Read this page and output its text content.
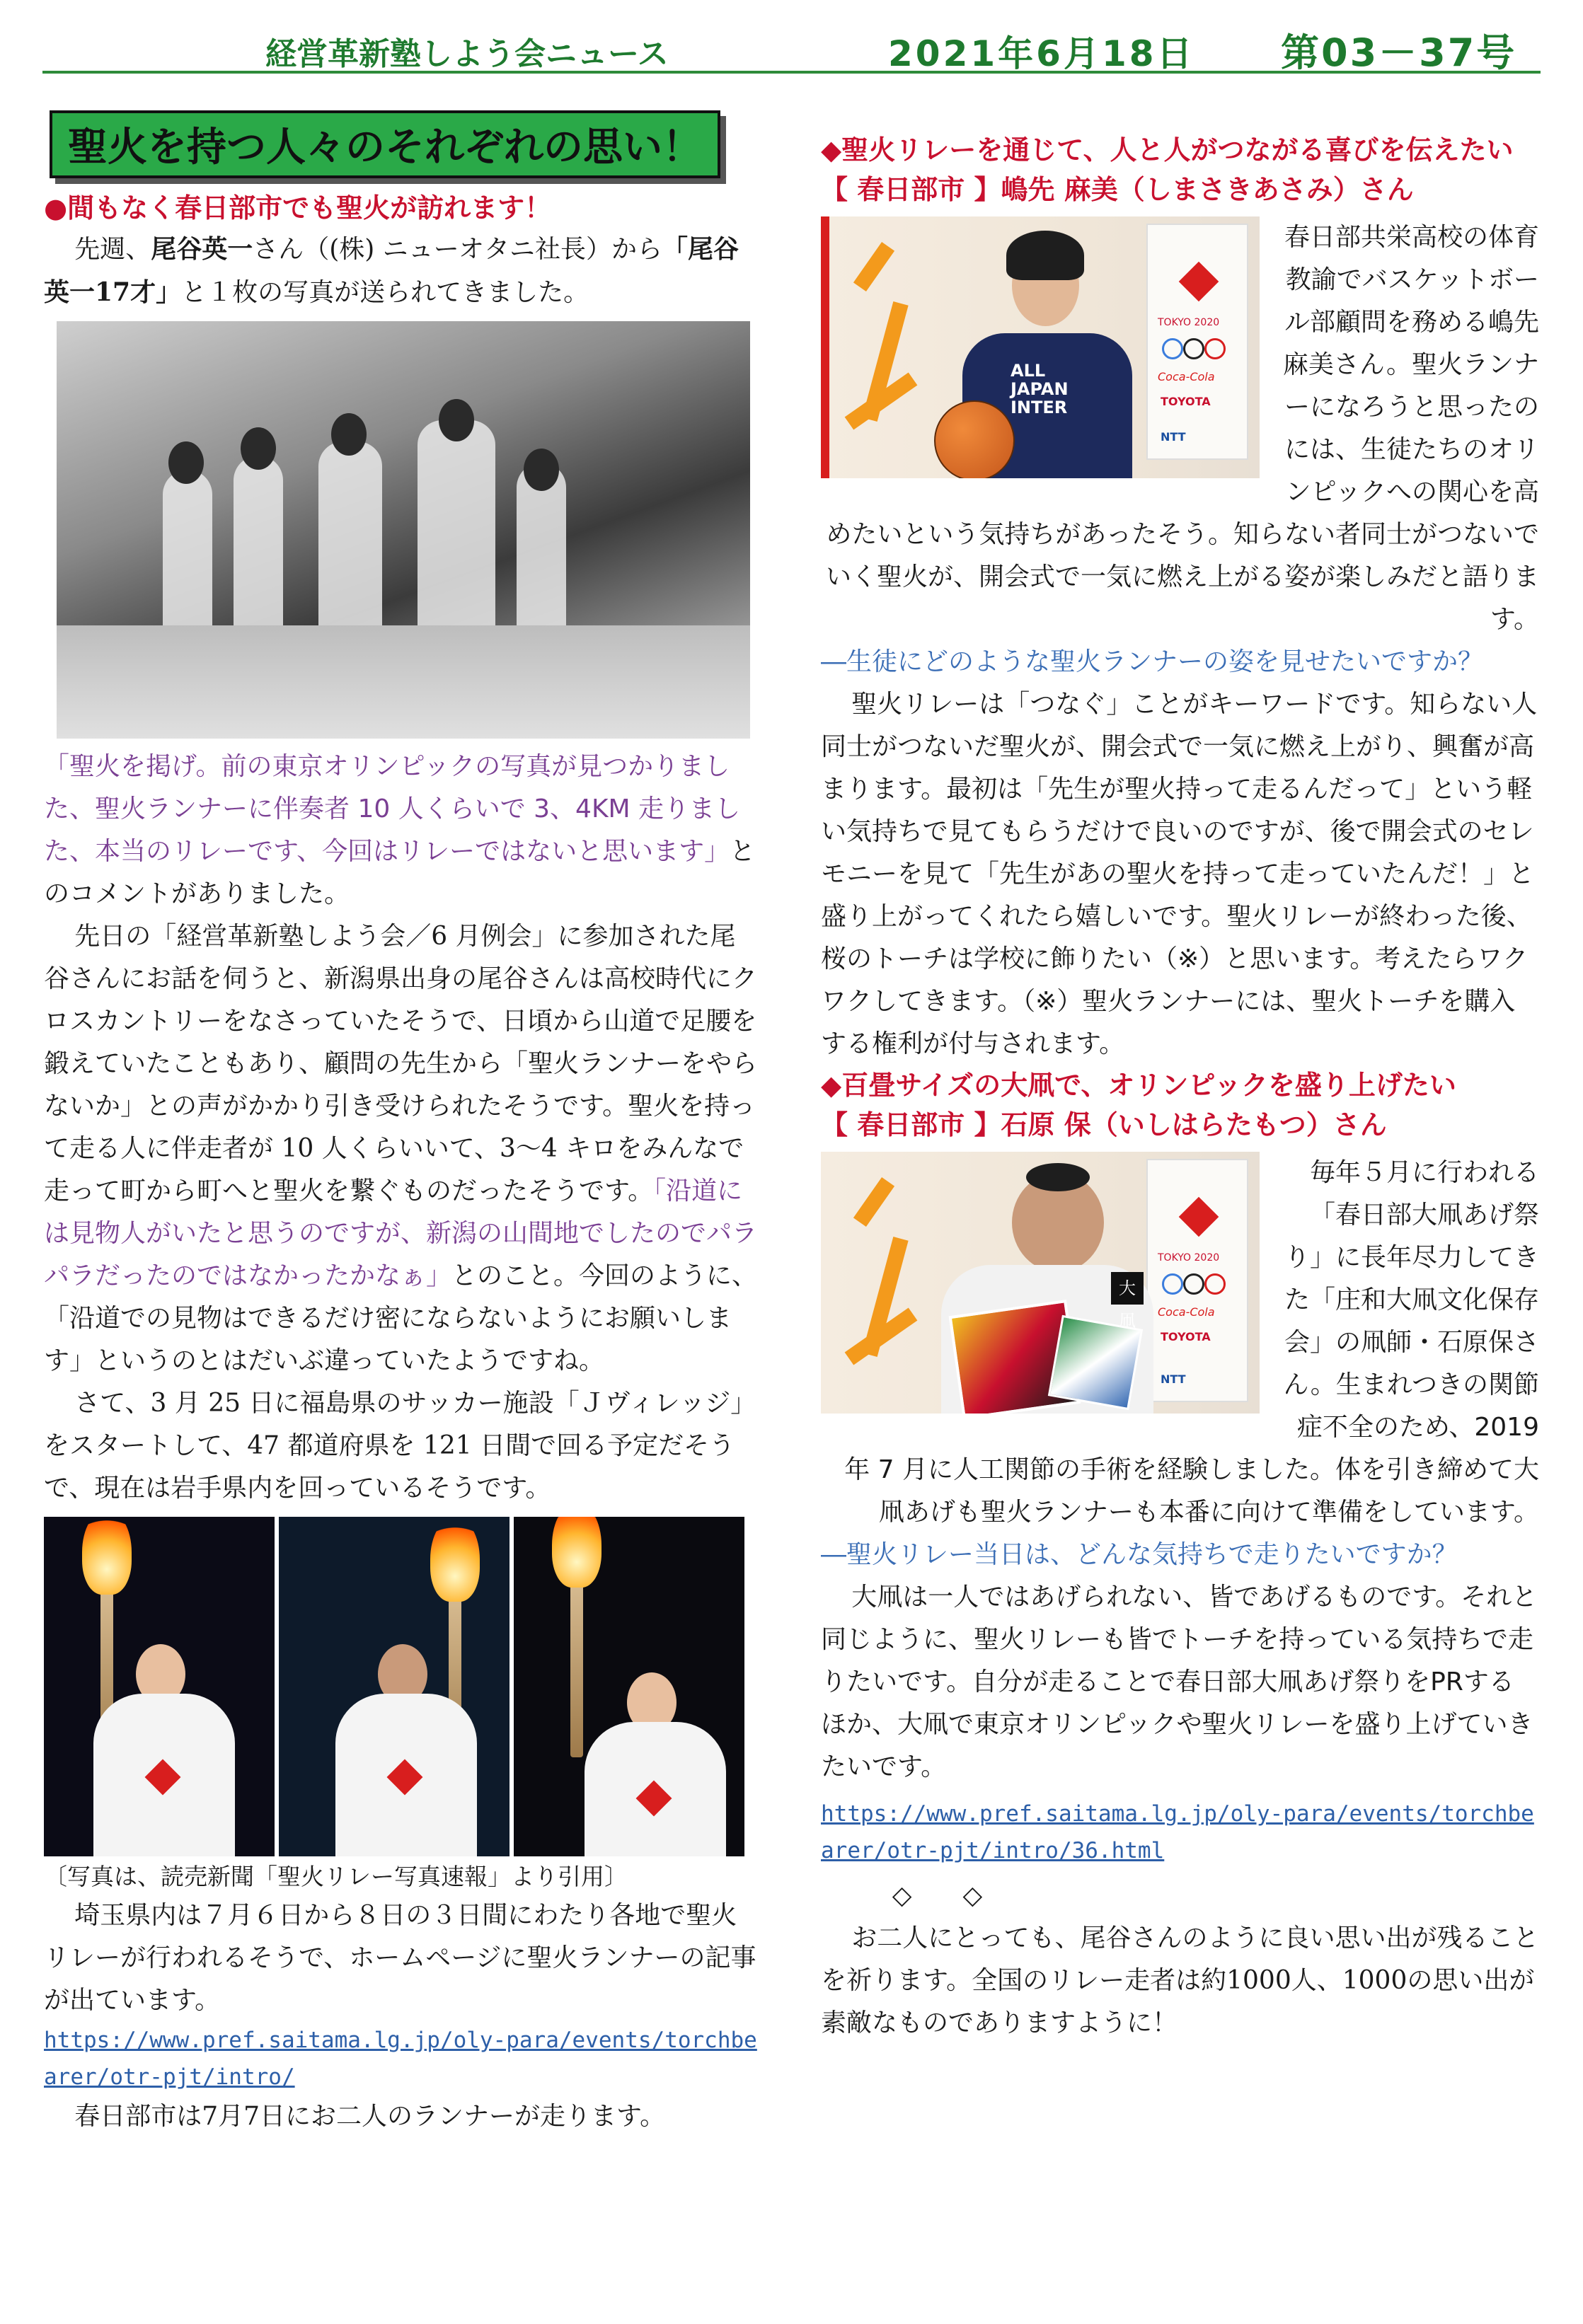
経営革新塾しよう会ニュース	2021年6月18日 第03－37号
聖火を持つ人々のそれぞれの思い！

●間もなく春日部市でも聖火が訪れます！

先週、尾谷英一さん（(株) ニューオタニ社長）から「尾谷英一17才」と１枚の写真が送られてきました。

「聖火を掲げ。前の東京オリンピックの写真が見つかりました、聖火ランナーに伴奏者 10 人くらいで 3、4KM 走りました、本当のリレーです、今回はリレーではないと思います」とのコメントがありました。

先日の「経営革新塾しよう会／6 月例会」に参加された尾谷さんにお話を伺うと、新潟県出身の尾谷さんは高校時代にクロスカントリーをなさっていたそうで、日頃から山道で足腰を鍛えていたこともあり、顧問の先生から「聖火ランナーをやらないか」との声がかかり引き受けられたそうです。聖火を持って走る人に伴走者が 10 人くらいいて、3〜4 キロをみんなで走って町から町へと聖火を繋ぐものだったそうです。「沿道には見物人がいたと思うのですが、新潟の山間地でしたのでパラパラだったのではなかったかなぁ」とのこと。今回のように、「沿道での見物はできるだけ密にならないようにお願いします」というのとはだいぶ違っていたようですね。

さて、3 月 25 日に福島県のサッカー施設「Ｊヴィレッジ」をスタートして、47 都道府県を 121 日間で回る予定だそうで、現在は岩手県内を回っているそうです。

〔写真は、読売新聞「聖火リレー写真速報」より引用〕

埼玉県内は７月６日から８日の３日間にわたり各地で聖火リレーが行われるそうで、ホームページに聖火ランナーの記事が出ています。

https://www.pref.saitama.lg.jp/oly-para/events/torchbearer/otr-pjt/intro/

春日部市は7月7日にお二人のランナーが走ります。

◆聖火リレーを通じて、人と人がつながる喜びを伝えたい【 春日部市 】嶋先 麻美（しまさきあさみ）さん

TOKYO 2020
Coca-Cola
TOYOTA
NTT
ALL JAPAN INTER

春日部共栄高校の体育教諭でバスケットボール部顧問を務める嶋先麻美さん。聖火ランナーになろうと思ったのには、生徒たちのオリンピックへの関心を高めたいという気持ちがあったそう。知らない者同士がつないでいく聖火が、開会式で一気に燃え上がる姿が楽しみだと語ります。

―生徒にどのような聖火ランナーの姿を見せたいですか？

聖火リレーは「つなぐ」ことがキーワードです。知らない人同士がつないだ聖火が、開会式で一気に燃え上がり、興奮が高まります。最初は「先生が聖火持って走るんだって」という軽い気持ちで見てもらうだけで良いのですが、後で開会式のセレモニーを見て「先生があの聖火を持って走っていたんだ！」と盛り上がってくれたら嬉しいです。聖火リレーが終わった後、桜のトーチは学校に飾りたい（※）と思います。考えたらワクワクしてきます。（※）聖火ランナーには、聖火トーチを購入する権利が付与されます。

◆百畳サイズの大凧で、オリンピックを盛り上げたい

【 春日部市 】石原 保（いしはらたもつ）さん

TOKYO 2020
Coca-Cola
TOYOTA
NTT
大凧

毎年５月に行われる「春日部大凧あげ祭り」に長年尽力してきた「庄和大凧文化保存会」の凧師・石原保さん。生まれつきの関節症不全のため、2019 年 7 月に人工関節の手術を経験しました。体を引き締めて大凧あげも聖火ランナーも本番に向けて準備をしています。

―聖火リレー当日は、どんな気持ちで走りたいですか？

大凧は一人ではあげられない、皆であげるものです。それと同じように、聖火リレーも皆でトーチを持っている気持ちで走りたいです。自分が走ることで春日部大凧あげ祭りをPRするほか、大凧で東京オリンピックや聖火リレーを盛り上げていきたいです。

https://www.pref.saitama.lg.jp/oly-para/events/torchbearer/otr-pjt/intro/36.html

◇　　◇

お二人にとっても、尾谷さんのように良い思い出が残ることを祈ります。全国のリレー走者は約1000人、1000の思い出が素敵なものでありますように！
